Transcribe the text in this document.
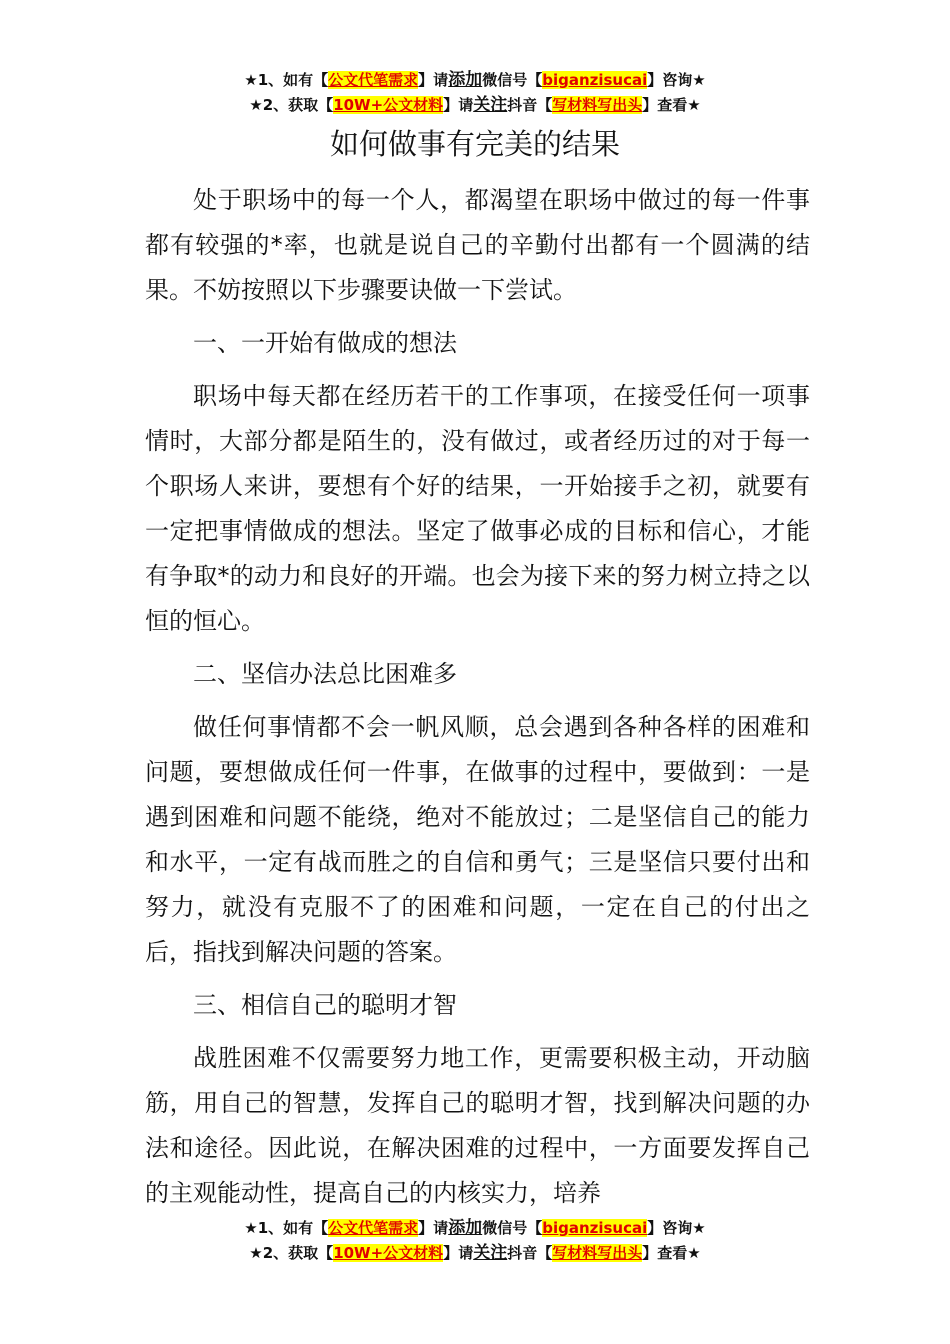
★1、如有【公文代笔需求】请添加微信号【biganzisucai】咨询★
★2、获取【10W+公文材料】请关注抖音【写材料写出头】查看★
如何做事有完美的结果

处于职场中的每一个人，都渴望在职场中做过的每一件事都有较强的*率，也就是说自己的辛勤付出都有一个圆满的结果。不妨按照以下步骤要诀做一下尝试。

一、一开始有做成的想法

职场中每天都在经历若干的工作事项，在接受任何一项事情时，大部分都是陌生的，没有做过，或者经历过的对于每一个职场人来讲，要想有个好的结果，一开始接手之初，就要有一定把事情做成的想法。坚定了做事必成的目标和信心，才能有争取*的动力和良好的开端。也会为接下来的努力树立持之以恒的恒心。

二、坚信办法总比困难多

做任何事情都不会一帆风顺，总会遇到各种各样的困难和问题，要想做成任何一件事，在做事的过程中，要做到：一是遇到困难和问题不能绕，绝对不能放过；二是坚信自己的能力和水平，一定有战而胜之的自信和勇气；三是坚信只要付出和努力，就没有克服不了的困难和问题，一定在自己的付出之后，指找到解决问题的答案。

三、相信自己的聪明才智

战胜困难不仅需要努力地工作，更需要积极主动，开动脑筋，用自己的智慧，发挥自己的聪明才智，找到解决问题的办法和途径。因此说，在解决困难的过程中，一方面要发挥自己的主观能动性，提高自己的内核实力，培养

★1、如有【公文代笔需求】请添加微信号【biganzisucai】咨询★
★2、获取【10W+公文材料】请关注抖音【写材料写出头】查看★
